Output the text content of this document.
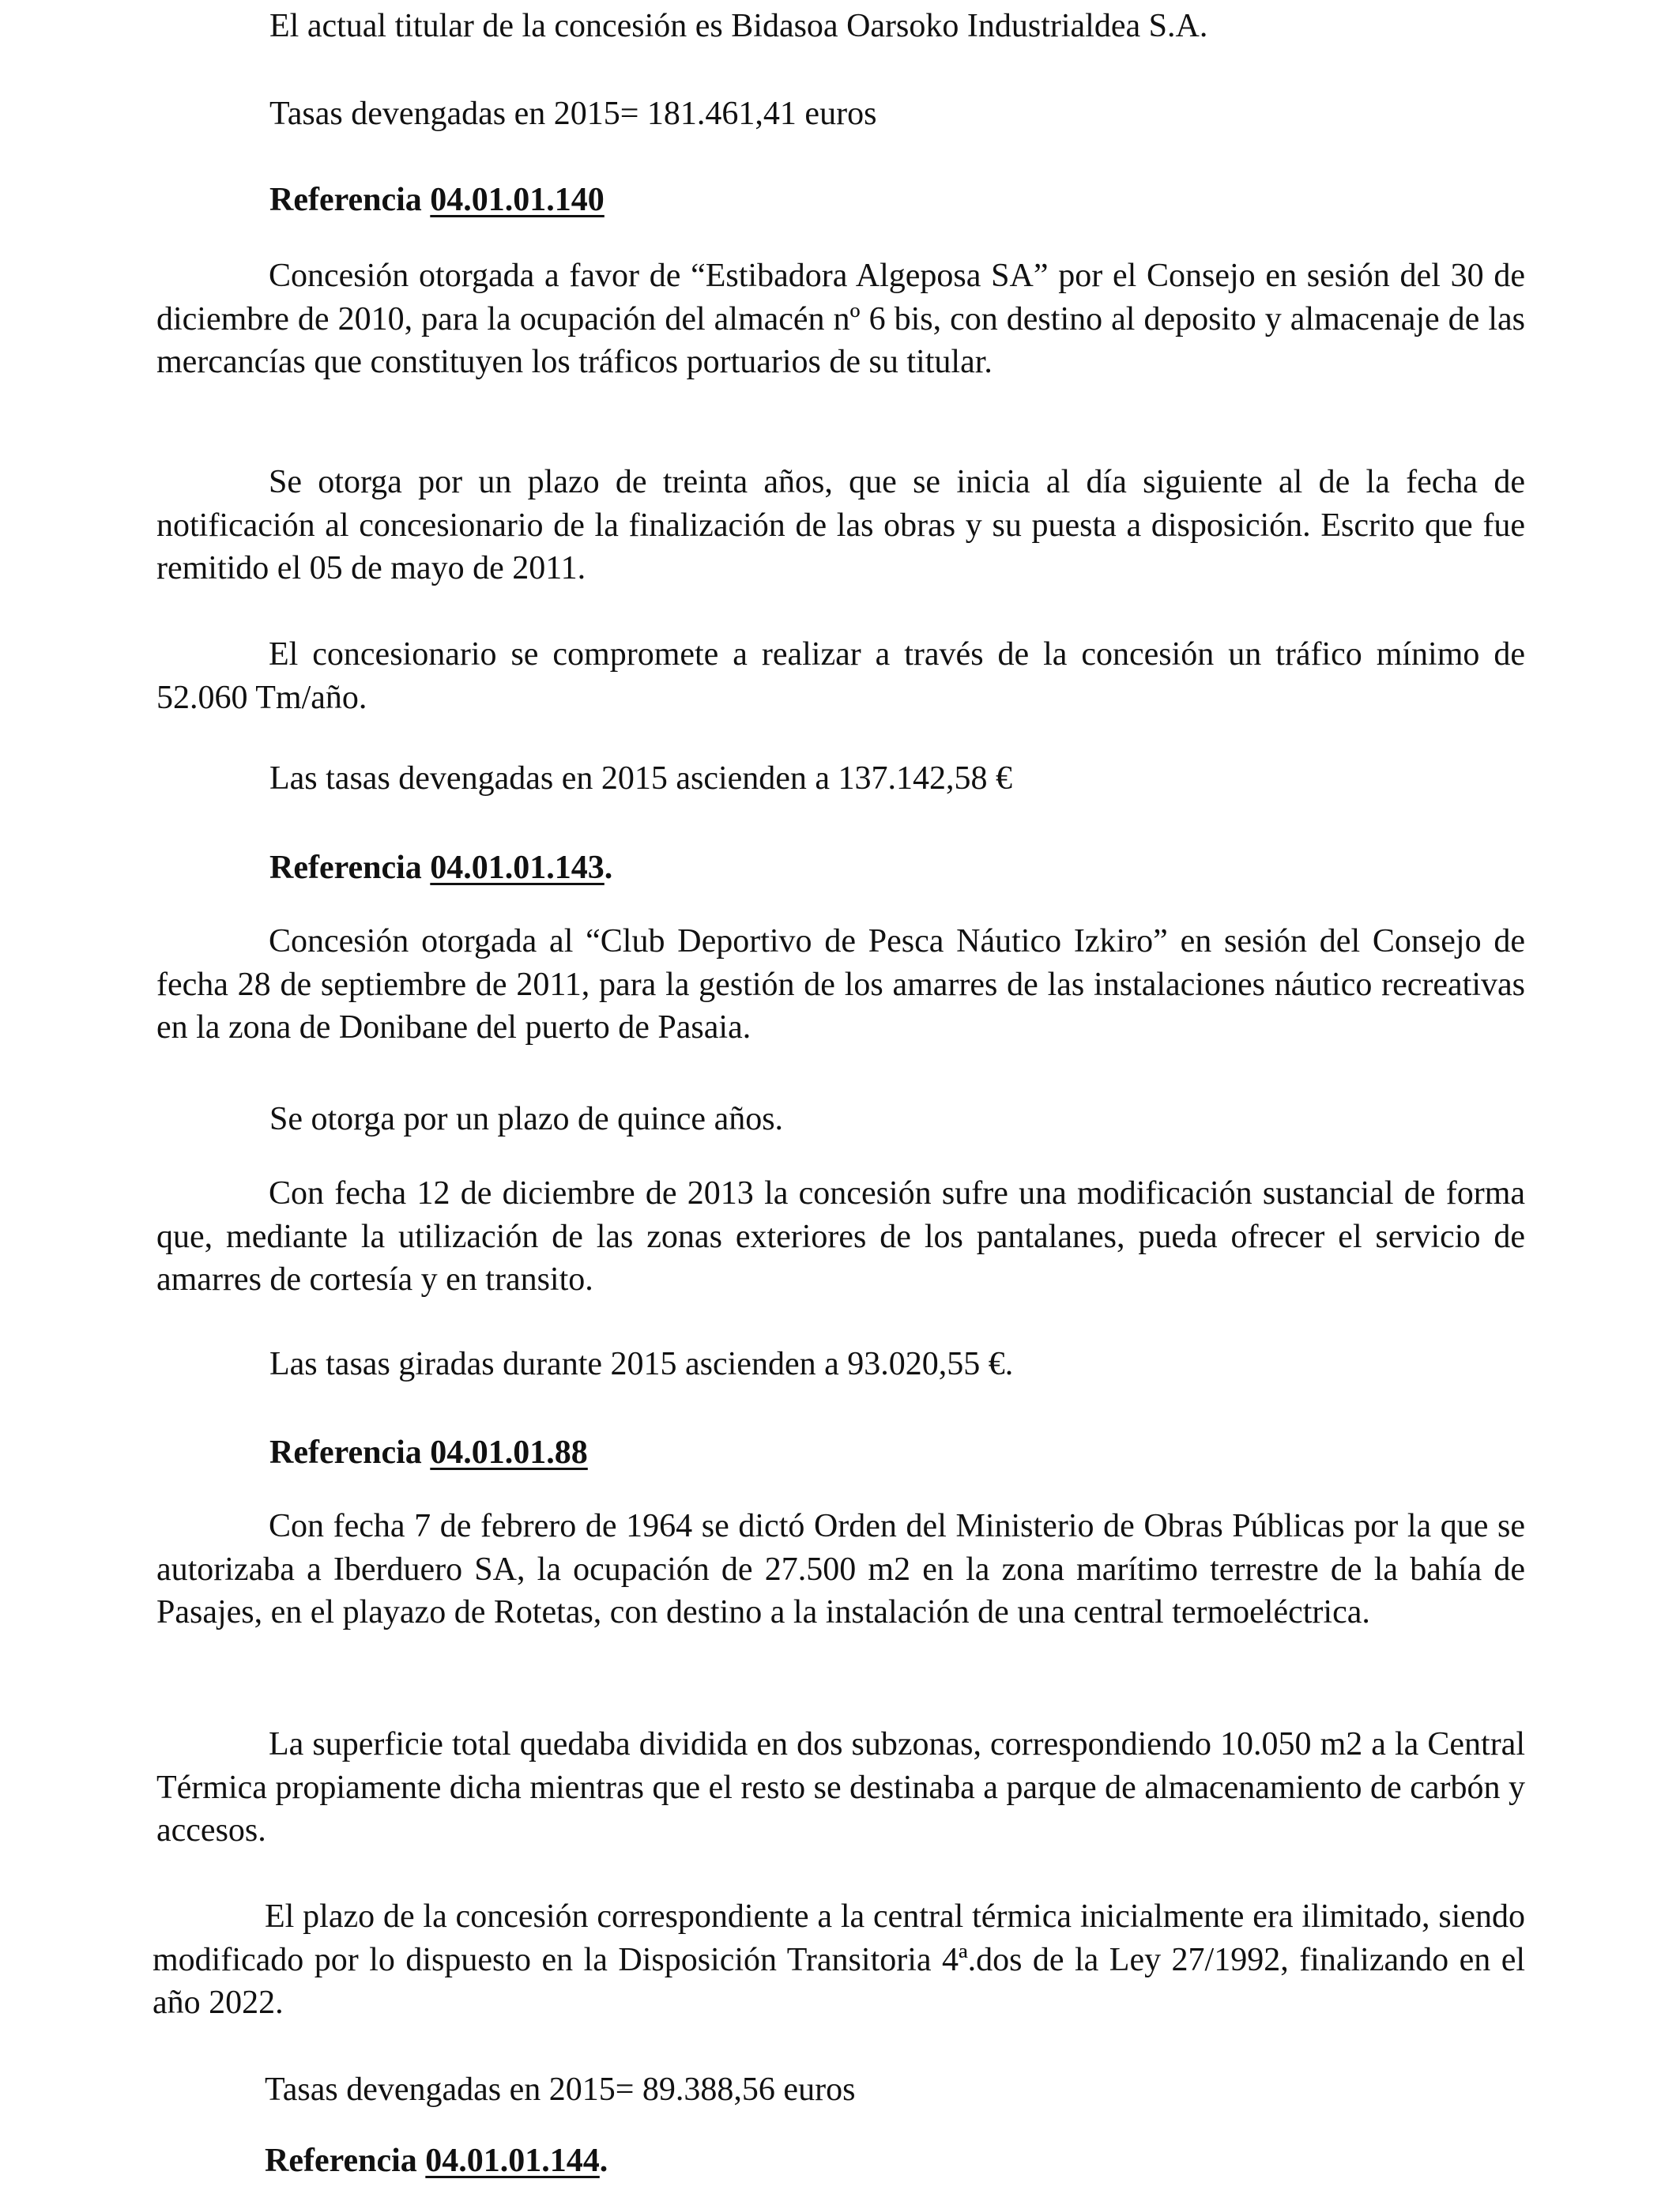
El actual titular de la concesión es Bidasoa Oarsoko Industrialdea S.A.

Tasas devengadas en 2015= 181.461,41 euros

Referencia 04.01.01.140

Concesión otorgada a favor de “Estibadora Algeposa SA” por el Consejo en sesión del 30 de diciembre de 2010, para la ocupación del almacén nº 6 bis, con destino al deposito y almacenaje de las mercancías que constituyen los tráficos portuarios de su titular.

Se otorga por un plazo de treinta años, que se inicia al día siguiente al de la fecha de notificación al concesionario de la finalización de las obras y su puesta a disposición. Escrito que fue remitido el 05 de mayo de 2011.

El concesionario se compromete a realizar a través de la concesión un tráfico mínimo de 52.060 Tm/año.

Las tasas devengadas en 2015 ascienden a 137.142,58 €

Referencia 04.01.01.143.

Concesión otorgada al “Club Deportivo de Pesca Náutico Izkiro” en sesión del Consejo de fecha 28 de septiembre de 2011, para la gestión de los amarres de las instalaciones náutico recreativas en la zona de Donibane del puerto de Pasaia.

Se otorga por un plazo de quince años.

Con fecha 12 de diciembre de 2013 la concesión sufre una modificación sustancial de forma que, mediante la utilización de las zonas exteriores de los pantalanes, pueda ofrecer el servicio de amarres de cortesía y en transito.

Las tasas giradas durante 2015 ascienden a 93.020,55 €.

Referencia 04.01.01.88

Con fecha 7 de febrero de 1964 se dictó Orden del Ministerio de Obras Públicas por la que se autorizaba a Iberduero SA, la ocupación de 27.500 m2 en la zona marítimo terrestre de la bahía de Pasajes, en el playazo de Rotetas, con destino a la instalación de una central termoeléctrica.

La superficie total quedaba dividida en dos subzonas, correspondiendo 10.050 m2 a la Central Térmica propiamente dicha mientras que el resto se destinaba a parque de almacenamiento de carbón y accesos.

El plazo de la concesión correspondiente a la central térmica inicialmente era ilimitado, siendo modificado por lo dispuesto en la Disposición Transitoria 4ª.dos de la Ley 27/1992, finalizando en el año 2022.

Tasas devengadas en 2015= 89.388,56 euros

Referencia 04.01.01.144.
